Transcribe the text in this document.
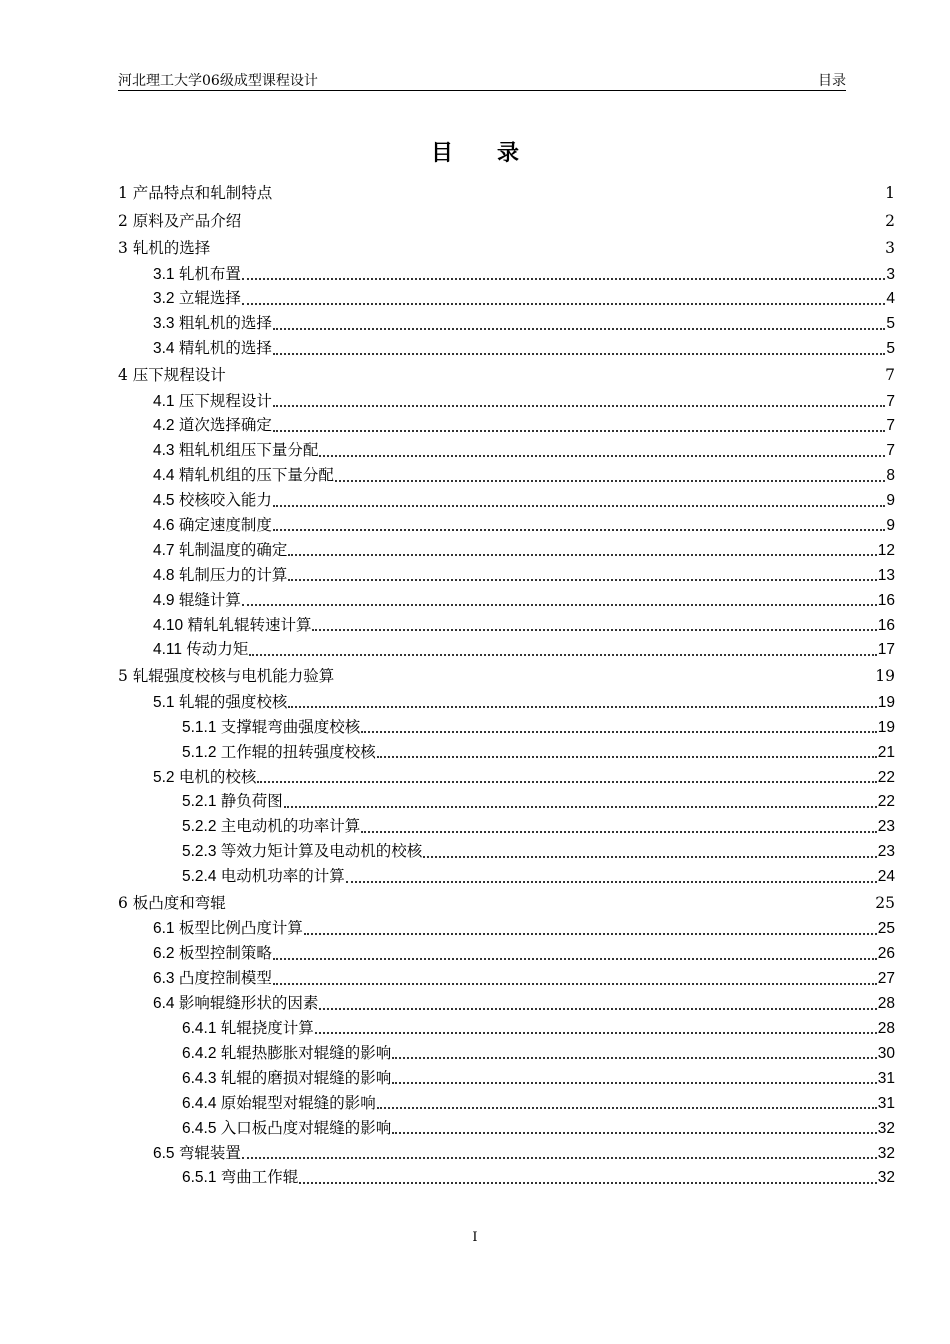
河北理工大学06级成型课程设计	目录
目录
1 产品特点和轧制特点	1
2 原料及产品介绍	2
3 轧机的选择	3
3.1 轧机布置	3
3.2 立辊选择	4
3.3 粗轧机的选择	5
3.4 精轧机的选择	5
4 压下规程设计	7
4.1 压下规程设计	7
4.2 道次选择确定	7
4.3 粗轧机组压下量分配	7
4.4 精轧机组的压下量分配	8
4.5 校核咬入能力	9
4.6 确定速度制度	9
4.7 轧制温度的确定	12
4.8 轧制压力的计算	13
4.9 辊缝计算	16
4.10 精轧轧辊转速计算	16
4.11 传动力矩	17
5 轧辊强度校核与电机能力验算	19
5.1 轧辊的强度校核	19
5.1.1 支撑辊弯曲强度校核	19
5.1.2 工作辊的扭转强度校核	21
5.2 电机的校核	22
5.2.1 静负荷图	22
5.2.2 主电动机的功率计算	23
5.2.3 等效力矩计算及电动机的校核	23
5.2.4 电动机功率的计算	24
6 板凸度和弯辊	25
6.1 板型比例凸度计算	25
6.2 板型控制策略	26
6.3 凸度控制模型	27
6.4 影响辊缝形状的因素	28
6.4.1 轧辊挠度计算	28
6.4.2 轧辊热膨胀对辊缝的影响	30
6.4.3 轧辊的磨损对辊缝的影响	31
6.4.4 原始辊型对辊缝的影响	31
6.4.5 入口板凸度对辊缝的影响	32
6.5 弯辊装置	32
6.5.1 弯曲工作辊	32
I
